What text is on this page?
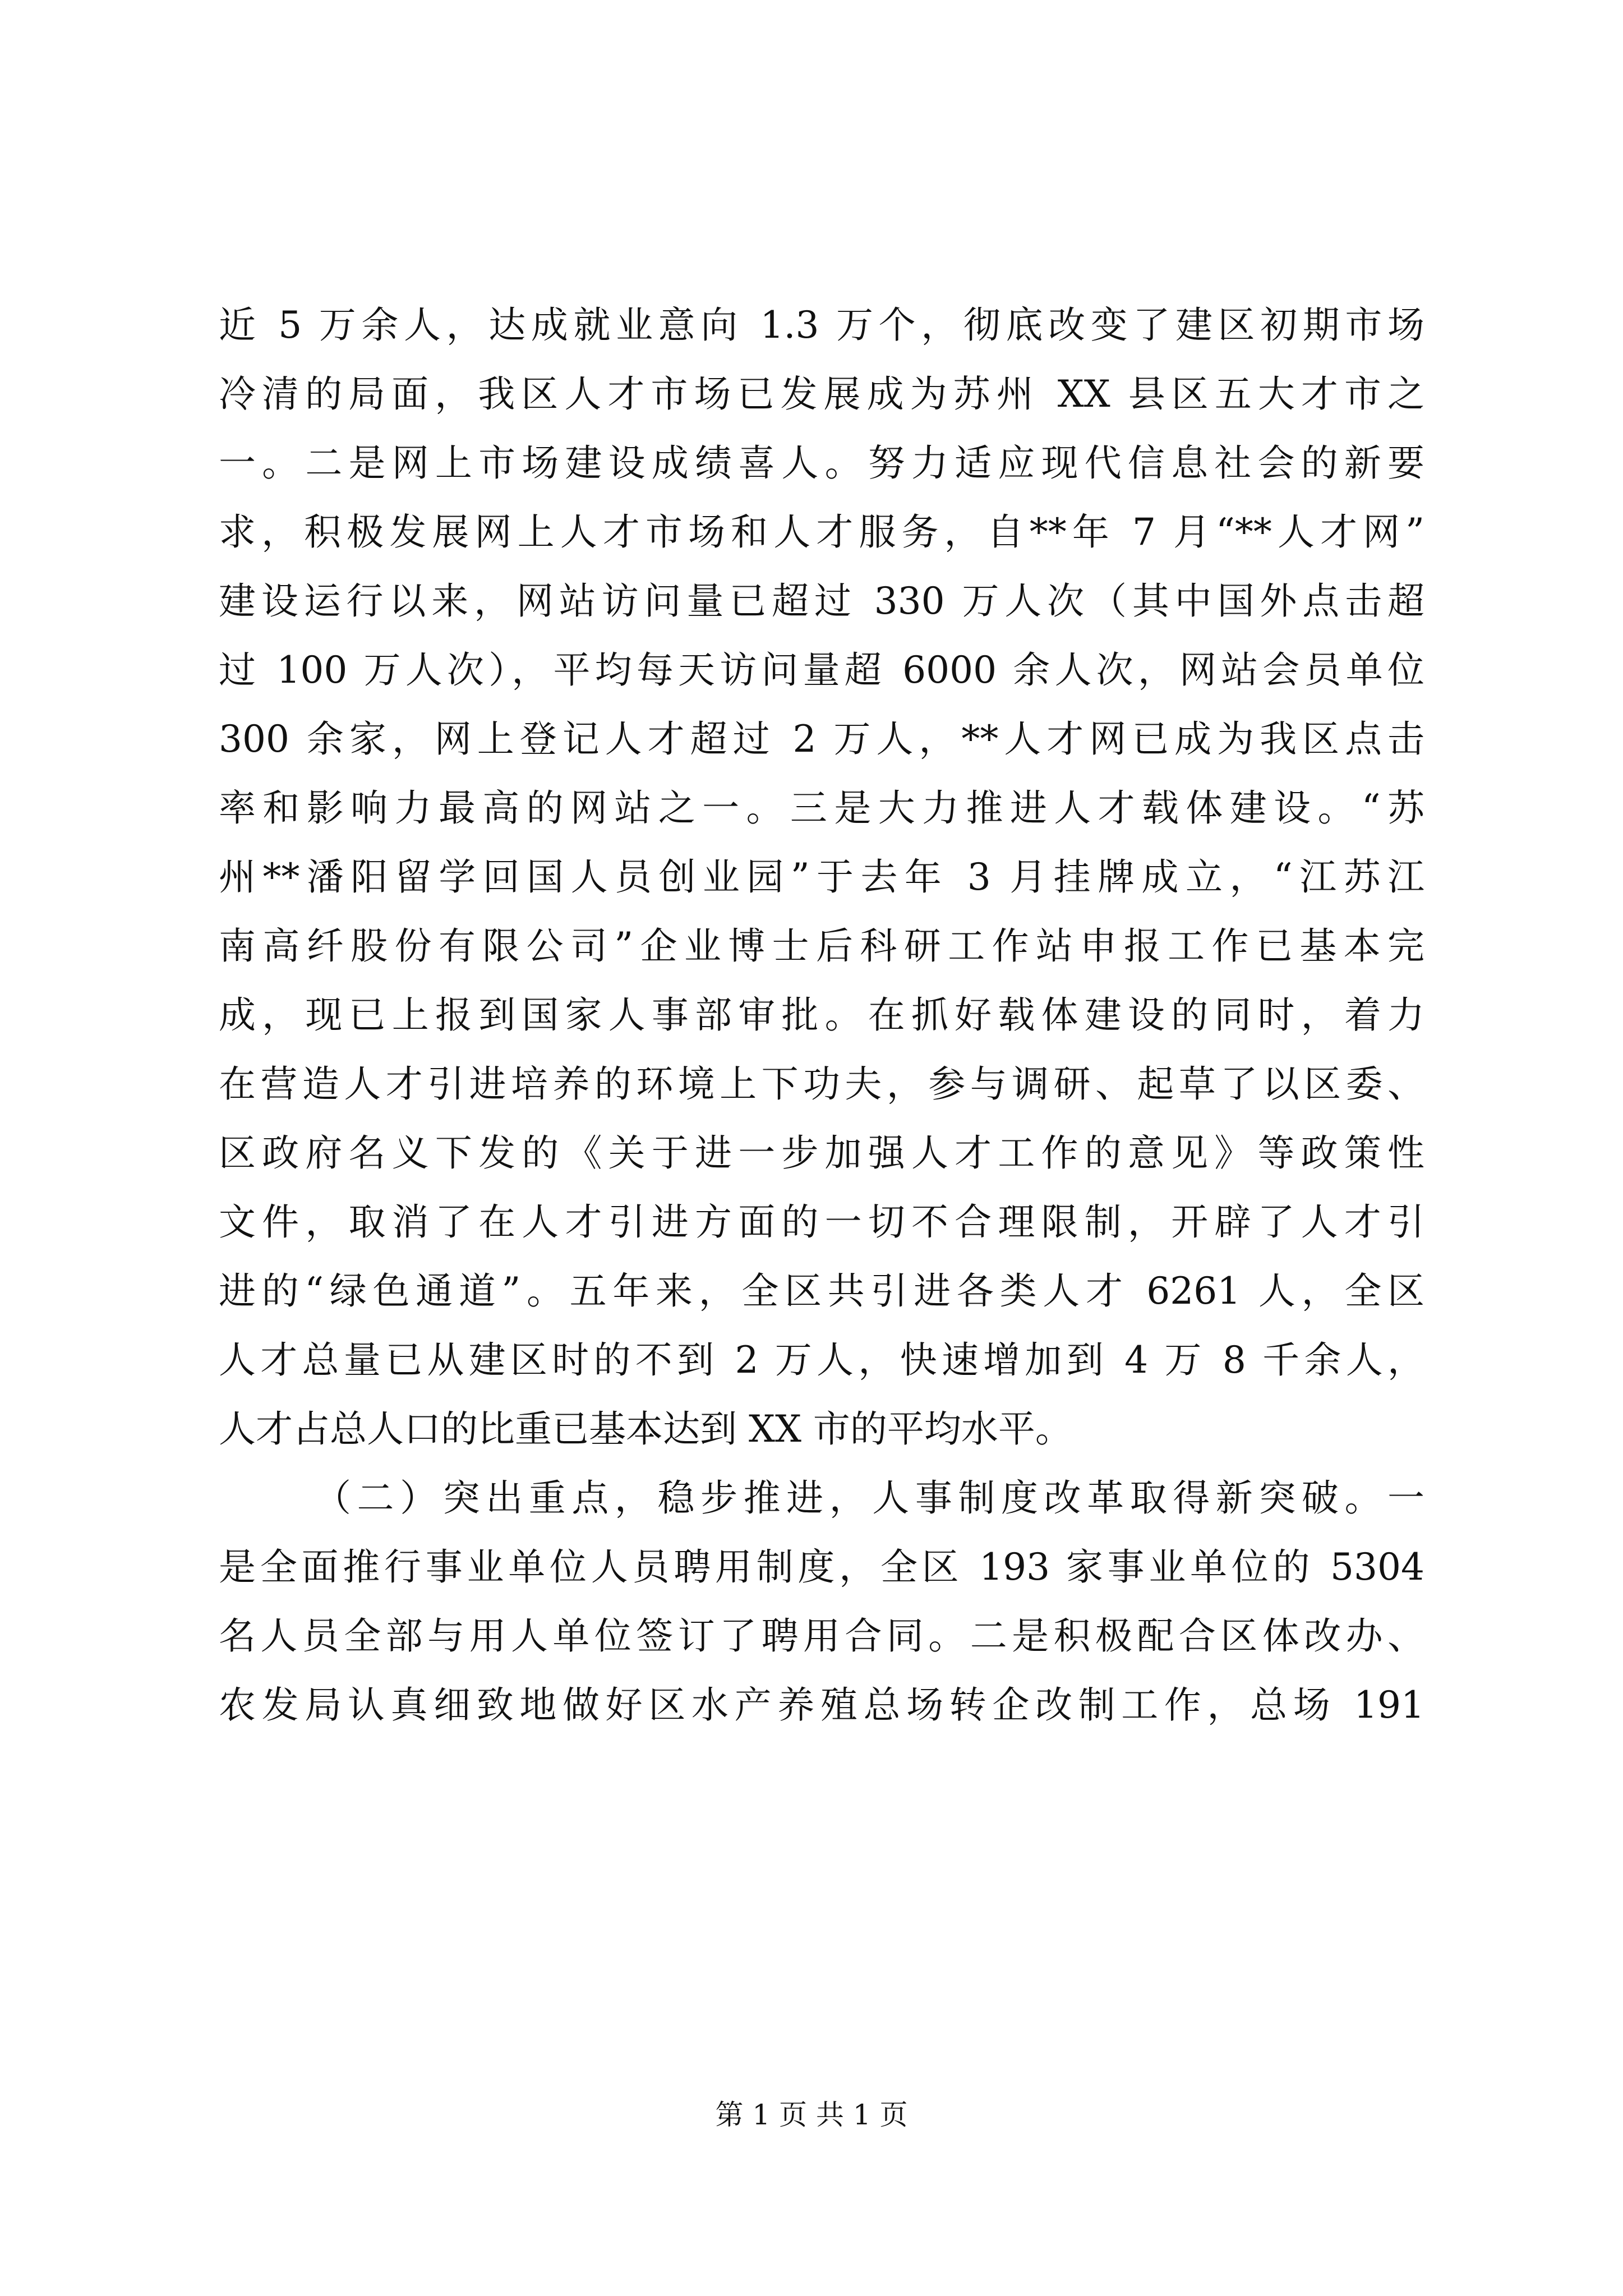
近 5 万余人，达成就业意向 1.3 万个，彻底改变了建区初期市场
冷清的局面，我区人才市场已发展成为苏州 XX 县区五大才市之
一。二是网上市场建设成绩喜人。努力适应现代信息社会的新要
求，积极发展网上人才市场和人才服务，自**年 7 月“**人才网”
建设运行以来，网站访问量已超过 330 万人次（其中国外点击超
过 100 万人次），平均每天访问量超 6000 余人次，网站会员单位
300 余家，网上登记人才超过 2 万人，**人才网已成为我区点击
率和影响力最高的网站之一。三是大力推进人才载体建设。“苏
州**潘阳留学回国人员创业园”于去年 3 月挂牌成立，“江苏江
南高纤股份有限公司”企业博士后科研工作站申报工作已基本完
成，现已上报到国家人事部审批。在抓好载体建设的同时，着力
在营造人才引进培养的环境上下功夫，参与调研、起草了以区委、
区政府名义下发的《关于进一步加强人才工作的意见》等政策性
文件，取消了在人才引进方面的一切不合理限制，开辟了人才引
进的“绿色通道”。五年来，全区共引进各类人才 6261 人，全区
人才总量已从建区时的不到 2 万人，快速增加到 4 万 8 千余人，
人才占总人口的比重已基本达到 XX 市的平均水平。
（二）突出重点，稳步推进，人事制度改革取得新突破。一
是全面推行事业单位人员聘用制度，全区 193 家事业单位的 5304
名人员全部与用人单位签订了聘用合同。二是积极配合区体改办、
农发局认真细致地做好区水产养殖总场转企改制工作，总场 191
第 1 页 共 1 页
